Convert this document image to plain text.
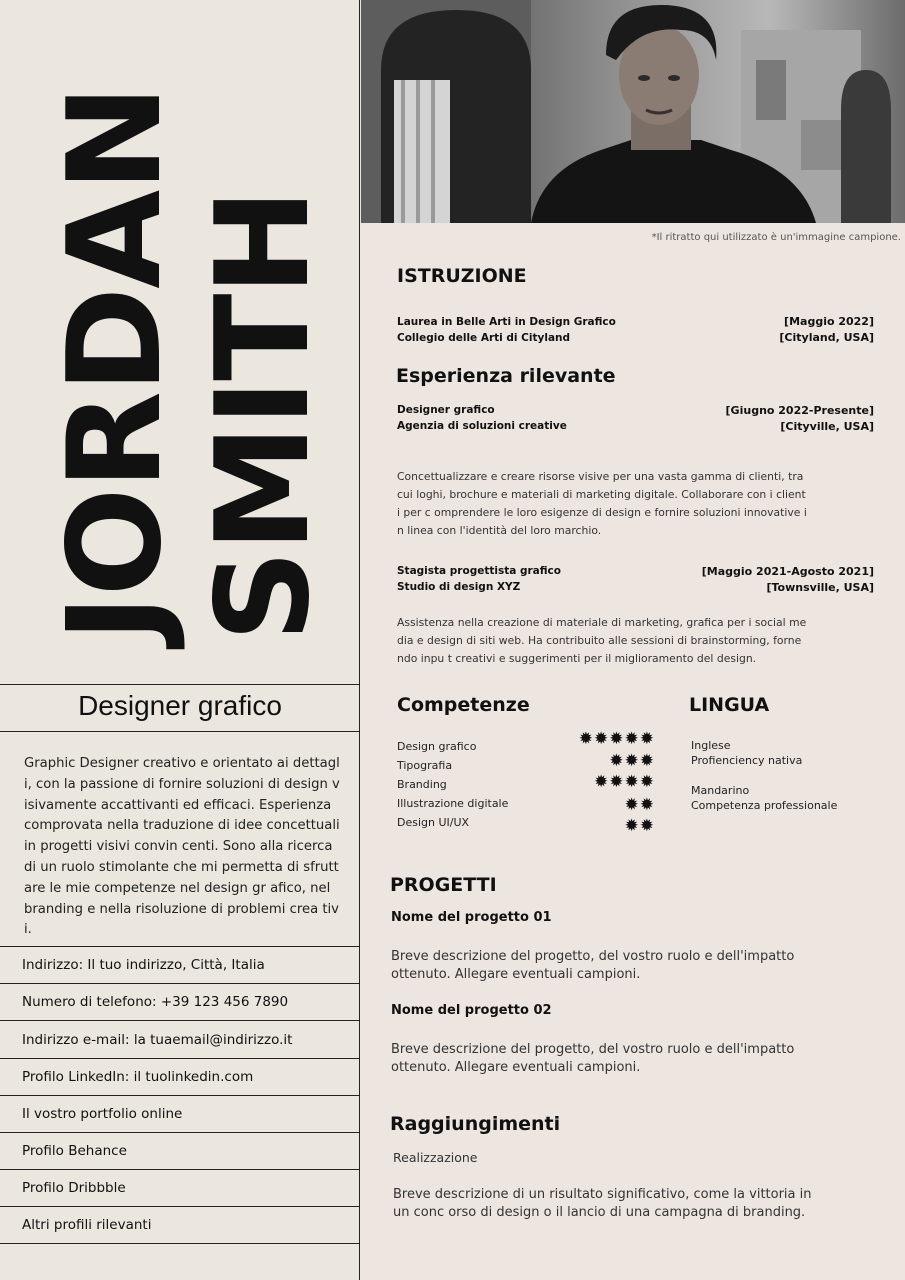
JORDAN SMITH
Designer grafico
Graphic Designer creativo e orientato ai dettagli, con la passione di fornire soluzioni di design visivamente accattivanti ed efficaci. Esperienza comprovata nella traduzione di idee concettuali in progetti visivi convin centi. Sono alla ricerca di un ruolo stimolante che mi permetta di sfruttare le mie competenze nel design gr afico, nel branding e nella risoluzione di problemi crea tivi.
Indirizzo: Il tuo indirizzo, Città, Italia
Numero di telefono: +39 123 456 7890
Indirizzo e-mail: la tuaemail@indirizzo.it
Profilo LinkedIn: il tuolinkedin.com
Il vostro portfolio online
Profilo Behance
Profilo Dribbble
Altri profili rilevanti
*Il ritratto qui utilizzato è un'immagine campione.
ISTRUZIONE
Laurea in Belle Arti in Design Grafico
Collegio delle Arti di Cityland
[Maggio 2022]
[Cityland, USA]
Esperienza rilevante
Designer grafico
Agenzia di soluzioni creative
[Giugno 2022-Presente]
[Cityville, USA]
Concettualizzare e creare risorse visive per una vasta gamma di clienti, tra cui loghi, brochure e materiali di marketing digitale. Collaborare con i clienti per c omprendere le loro esigenze di design e fornire soluzioni innovative in linea con l'identità del loro marchio.
Stagista progettista grafico
Studio di design XYZ
[Maggio 2021-Agosto 2021]
[Townsville, USA]
Assistenza nella creazione di materiale di marketing, grafica per i social media e design di siti web. Ha contribuito alle sessioni di brainstorming, fornendo inpu t creativi e suggerimenti per il miglioramento del design.
Competenze
Design grafico
Tipografia
Branding
Illustrazione digitale
Design UI/UX
✹✹✹✹✹
✹✹✹
✹✹✹✹
✹✹
✹✹
LINGUA
Inglese
Profienciency nativa
Mandarino
Competenza professionale
PROGETTI
Nome del progetto 01
Breve descrizione del progetto, del vostro ruolo e dell'impatto ottenuto. Allegare eventuali campioni.
Nome del progetto 02
Breve descrizione del progetto, del vostro ruolo e dell'impatto ottenuto. Allegare eventuali campioni.
Raggiungimenti
Realizzazione
Breve descrizione di un risultato significativo, come la vittoria in un conc orso di design o il lancio di una campagna di branding.
